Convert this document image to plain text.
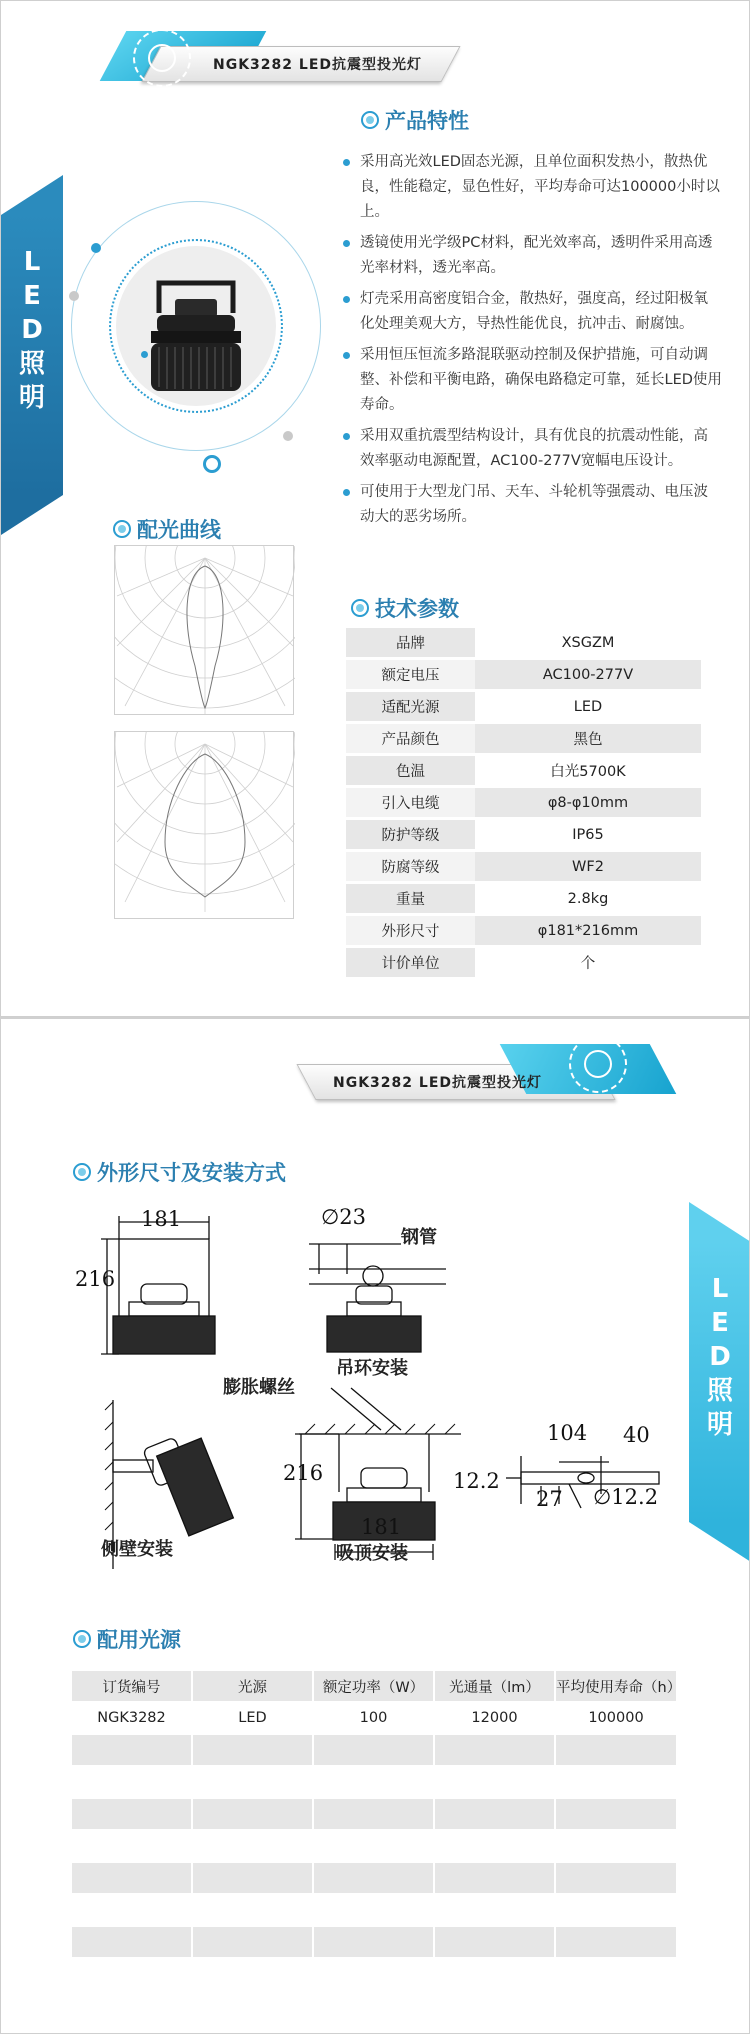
NGK3282 LED抗震型投光灯
L
E
D
照
明
产品特性
采用高光效LED固态光源，且单位面积发热小，散热优良，性能稳定，显色性好，平均寿命可达100000小时以上。
透镜使用光学级PC材料，配光效率高，透明件采用高透光率材料，透光率高。
灯壳采用高密度铝合金，散热好，强度高，经过阳极氧化处理美观大方，导热性能优良，抗冲击、耐腐蚀。
采用恒压恒流多路混联驱动控制及保护措施，可自动调整、补偿和平衡电路，确保电路稳定可靠，延长LED使用寿命。
采用双重抗震型结构设计，具有优良的抗震动性能，高效率驱动电源配置，AC100-277V宽幅电压设计。
可使用于大型龙门吊、天车、斗轮机等强震动、电压波动大的恶劣场所。
配光曲线
技术参数
品牌	XSGZM
额定电压	AC100-277V
适配光源	LED
产品颜色	黑色
色温	白光5700K
引入电缆	φ8-φ10mm
防护等级	IP65
防腐等级	WF2
重量	2.8kg
外形尺寸	φ181*216mm
计价单位	个
NGK3282 LED抗震型投光灯
L
E
D
照
明
外形尺寸及安装方式
181
216
∅23
钢管
吊环安装
膨胀螺丝
216
181
侧壁安装	吸顶安装
104 40
12.2
27 ∅12.2
配用光源
订货编号	光源	额定功率（W）	光通量（lm）	平均使用寿命（h）
NGK3282	LED	100	12000	100000
